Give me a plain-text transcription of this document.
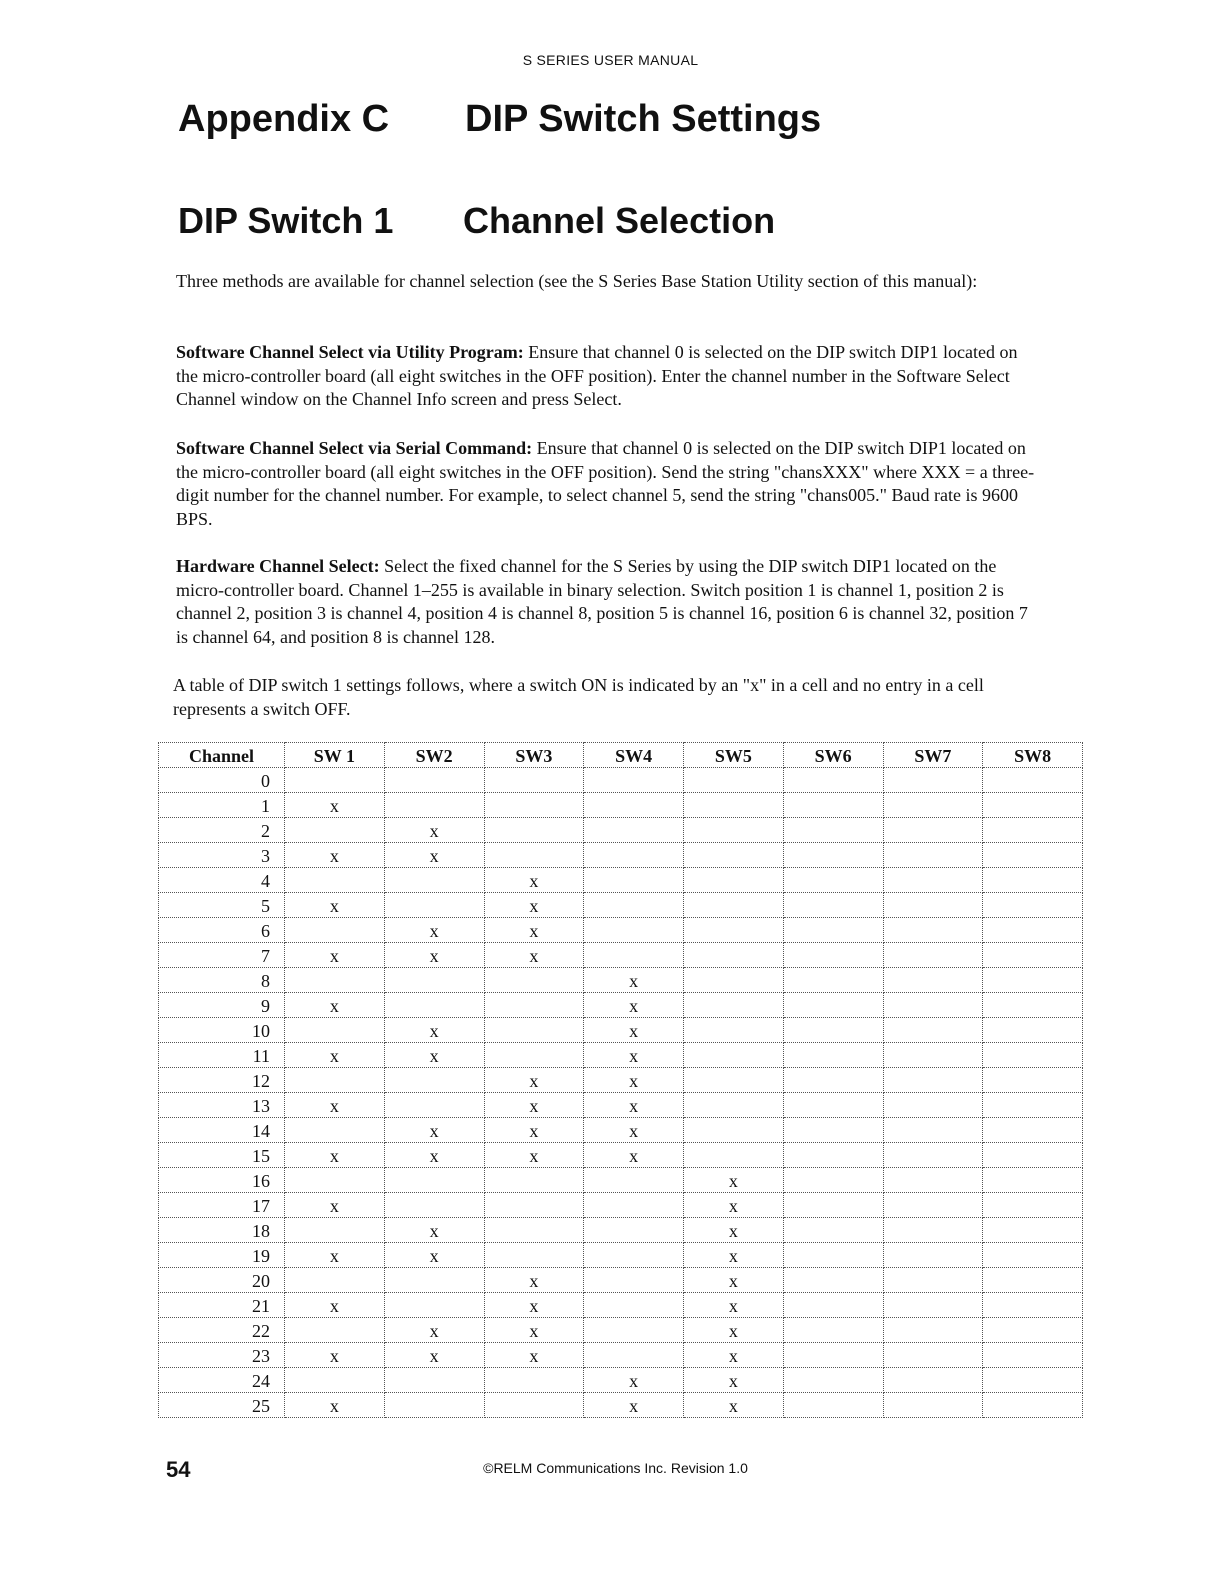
S SERIES USER MANUAL
Appendix C DIP Switch Settings
DIP Switch 1 Channel Selection

Three methods are available for channel selection (see the S Series Base Station Utility section of this manual):

Software Channel Select via Utility Program: Ensure that channel 0 is selected on the DIP switch DIP1 located on the micro-controller board (all eight switches in the OFF position). Enter the channel number in the Software Select Channel window on the Channel Info screen and press Select.

Software Channel Select via Serial Command: Ensure that channel 0 is selected on the DIP switch DIP1 located on the micro-controller board (all eight switches in the OFF position). Send the string "chansXXX" where XXX = a three-digit number for the channel number. For example, to select channel 5, send the string "chans005." Baud rate is 9600 BPS.

Hardware Channel Select: Select the fixed channel for the S Series by using the DIP switch DIP1 located on the micro-controller board. Channel 1–255 is available in binary selection. Switch position 1 is channel 1, position 2 is channel 2, position 3 is channel 4, position 4 is channel 8, position 5 is channel 16, position 6 is channel 32, position 7 is channel 64, and position 8 is channel 128.

A table of DIP switch 1 settings follows, where a switch ON is indicated by an "x" in a cell and no entry in a cell represents a switch OFF.

Channel	SW 1	SW2	SW3	SW4	SW5	SW6	SW7	SW8
0								
1	x							
2		x						
3	x	x						
4			x					
5	x		x					
6		x	x					
7	x	x	x					
8				x				
9	x			x				
10		x		x				
11	x	x		x				
12			x	x				
13	x		x	x				
14		x	x	x				
15	x	x	x	x				
16					x			
17	x				x			
18		x			x			
19	x	x			x			
20			x		x			
21	x		x		x			
22		x	x		x			
23	x	x	x		x			
24				x	x			
25	x			x	x			
54	©RELM Communications Inc. Revision 1.0
